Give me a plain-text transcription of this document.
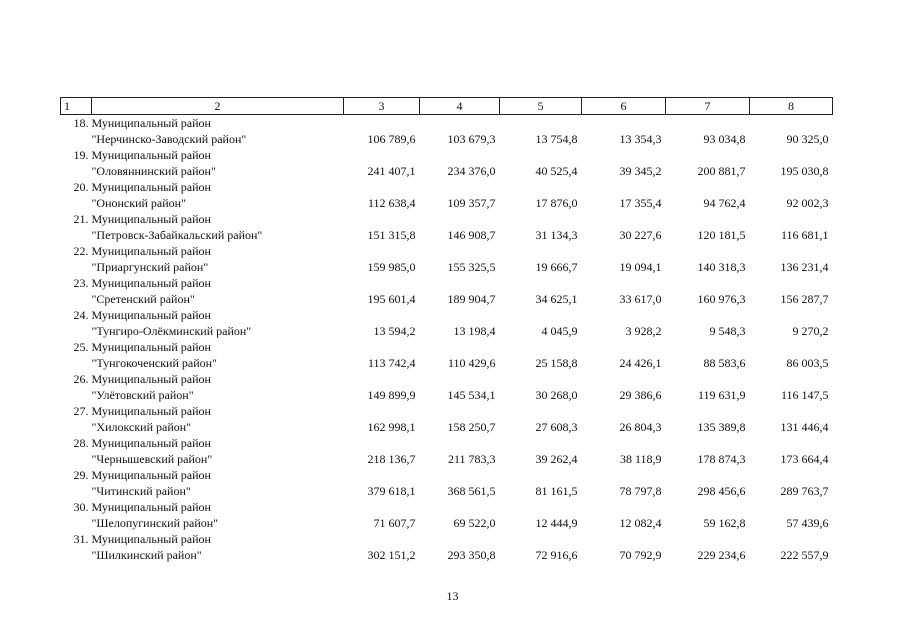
1	2	3	4	5	6	7	8
18.	Муниципальный район						
	"Нерчинско-Заводский район"	106 789,6	103 679,3	13 754,8	13 354,3	93 034,8	90 325,0
19.	Муниципальный район						
	"Оловяннинский район"	241 407,1	234 376,0	40 525,4	39 345,2	200 881,7	195 030,8
20.	Муниципальный район						
	"Ононский район"	112 638,4	109 357,7	17 876,0	17 355,4	94 762,4	92 002,3
21.	Муниципальный район						
	"Петровск-Забайкальский район"	151 315,8	146 908,7	31 134,3	30 227,6	120 181,5	116 681,1
22.	Муниципальный район						
	"Приаргунский район"	159 985,0	155 325,5	19 666,7	19 094,1	140 318,3	136 231,4
23.	Муниципальный район						
	"Сретенский район"	195 601,4	189 904,7	34 625,1	33 617,0	160 976,3	156 287,7
24.	Муниципальный район						
	"Тунгиро-Олёкминский район"	13 594,2	13 198,4	4 045,9	3 928,2	9 548,3	9 270,2
25.	Муниципальный район						
	"Тунгокоченский район"	113 742,4	110 429,6	25 158,8	24 426,1	88 583,6	86 003,5
26.	Муниципальный район						
	"Улётовский район"	149 899,9	145 534,1	30 268,0	29 386,6	119 631,9	116 147,5
27.	Муниципальный район						
	"Хилокский район"	162 998,1	158 250,7	27 608,3	26 804,3	135 389,8	131 446,4
28.	Муниципальный район						
	"Чернышевский район"	218 136,7	211 783,3	39 262,4	38 118,9	178 874,3	173 664,4
29.	Муниципальный район						
	"Читинский район"	379 618,1	368 561,5	81 161,5	78 797,8	298 456,6	289 763,7
30.	Муниципальный район						
	"Шелопугинский район"	71 607,7	69 522,0	12 444,9	12 082,4	59 162,8	57 439,6
31.	Муниципальный район						
	"Шилкинский район"	302 151,2	293 350,8	72 916,6	70 792,9	229 234,6	222 557,9
13
